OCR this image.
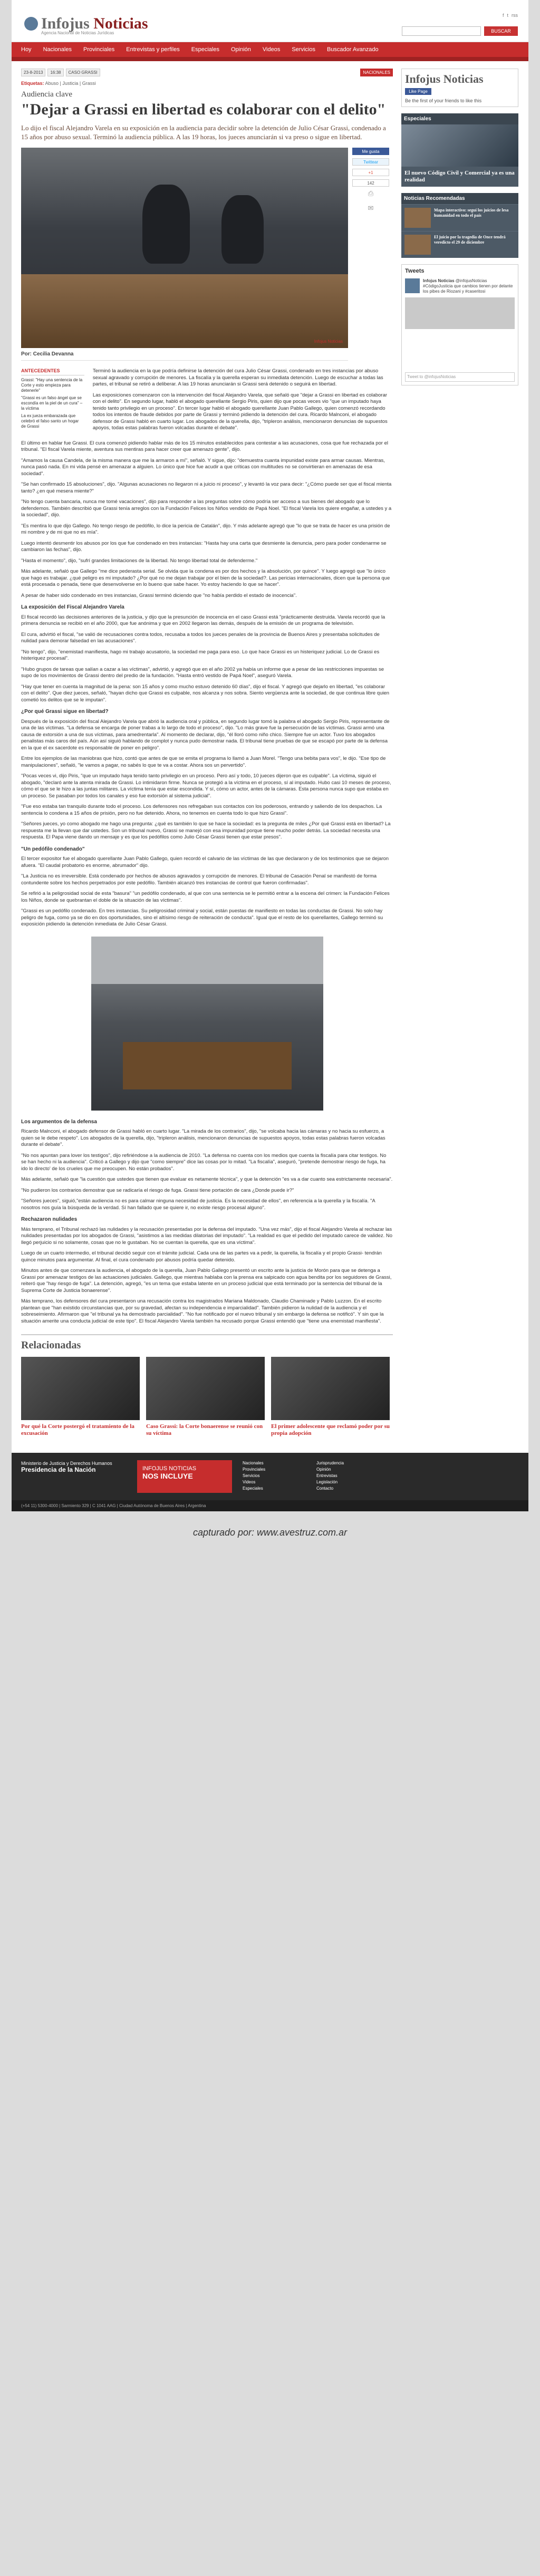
Infojus Noticias
Agencia Nacional de Noticias Jurídicas
f t rss
BUSCAR
Hoy Nacionales Provinciales Entrevistas y perfiles Especiales Opinión Videos Servicios Buscador Avanzado
23-8-2013	16:38	CASO GRASSI	NACIONALES
Etiquetas: Abuso | Justicia | Grassi
Audiencia clave
"Dejar a Grassi en libertad es colaborar con el delito"
Lo dijo el fiscal Alejandro Varela en su exposición en la audiencia para decidir sobre la detención de Julio César Grassi, condenado a 15 años por abuso sexual. Terminó la audiencia pública. A las 19 horas, los jueces anunciarán si va preso o sigue en libertad.
Infojus Noticias
Me gusta
Twittear
+1
142
⎙
✉
Por: Cecilia Devanna
ANTECEDENTES
Grassi: "Hay una sentencia de la Corte y esto empieza para detenerle"
"Grassi es un falso ángel que se escondía en la piel de un cura" – la víctima
La ex jueza embarazada que celebró el falso santo un hogar de Grassi

Terminó la audiencia en la que podría definirse la detención del cura Julio César Grassi, condenado en tres instancias por abuso sexual agravado y corrupción de menores. La fiscalía y la querella esperan su inmediata detención. Luego de escuchar a todas las partes, el tribunal se retiró a deliberar. A las 19 horas anunciarán si Grassi será detenido o seguirá en libertad.

Las exposiciones comenzaron con la intervención del fiscal Alejandro Varela, que señaló que "dejar a Grassi en libertad es colaborar con el delito". En segundo lugar, habló el abogado querellante Sergio Piris, quien dijo que pocas veces vio "que un imputado haya tenido tanto privilegio en un proceso". En tercer lugar habló el abogado querellante Juan Pablo Gallego, quien comenzó recordando todos los intentos de fraude debidos por parte de Grassi y terminó pidiendo la detención del cura. Ricardo Malnconi, el abogado defensor de Grassi habló en cuarto lugar. Los abogados de la querella, dijo, "tripleron análisis, mencionaron denuncias de supuestos apoyos, todas estas palabras fueron volcadas durante el debate".

El último en hablar fue Grassi. El cura comenzó pidiendo hablar más de los 15 minutos establecidos para contestar a las acusaciones, cosa que fue rechazada por el tribunal. "El fiscal Varela miente, aventura sus mentiras para hacer creer que amenazo gente", dijo.

"Amamos la causa Candela, de la misma manera que me la armaron a mí", señaló. Y sigue, dijo: "demuestra cuanta impunidad existe para armar causas. Mientras, nunca pasó nada. En mi vida pensé en amenazar a alguien. Lo único que hice fue acudir a que críticas con multitudes no se convirtieran en amenazas de esa sociedad".

"Se han confirmado 15 absoluciones", dijo. "Algunas acusaciones no llegaron ni a juicio ni proceso", y levantó la voz para decir: "¿Cómo puede ser que el fiscal mienta tanto? ¿en qué mesera miente?"

"No tengo cuenta bancaria, nunca me tomé vacaciones", dijo para responder a las preguntas sobre cómo podría ser acceso a sus bienes del abogado que lo defendemos. También describió que Grassi tenía arreglos con la Fundación Felices los Niños vendido de Papá Noel. "El fiscal Varela los quiere engañar, a ustedes y a la sociedad", dijo.

"Es mentira lo que dijo Gallego. No tengo riesgo de pedófilo, lo dice la pericia de Catalán", dijo. Y más adelante agregó que "lo que se trata de hacer es una prisión de mi nombre y de mi que no es mía".

Luego intentó desmentir los abusos por los que fue condenado en tres instancias: "Hasta hay una carta que desmiente la denuncia, pero para poder condenarme se cambiaron las fechas", dijo.

"Hasta el momento", dijo, "sufrí grandes limitaciones de la libertad. No tengo libertad total de defenderme."

Más adelante, señaló que Gallego "me dice pederasta serial. Se olvida que la condena es por dos hechos y la absolución, por quince". Y luego agregó que "lo único que hago es trabajar. ¿qué peligro es mi imputado? ¿Por qué no me dejan trabajar por el bien de la sociedad?. Las pericias internacionales, dicen que la persona que está procesada o penada, tiene que desenvolverse en lo bueno que sabe hacer. Yo estoy haciendo lo que se hacer".

A pesar de haber sido condenado en tres instancias, Grassi terminó diciendo que "no había perdido el estado de inocencia".

La exposición del Fiscal Alejandro Varela

El fiscal recordó las decisiones anteriores de la justicia, y dijo que la presunción de inocencia en el caso Grassi está "prácticamente destruida. Varela recordó que la primera denuncia se recibió en el año 2000, que fue anónima y que en 2002 llegaron las demás, después de la emisión de un programa de televisión.

El cura, advirtió el fiscal, "se valió de recusaciones contra todos, recusaba a todos los jueces penales de la provincia de Buenos Aires y presentaba solicitudes de nulidad para demorar falsedad en las acusaciones".

"No tengo", dijo, "enemistad manifiesta, hago mi trabajo acusatorio, la sociedad me paga para eso. Lo que hace Grassi es un histeriquez judicial. Lo de Grassi es histeriquez procesal".

"Hubo grupos de tareas que salían a cazar a las víctimas", advirtió, y agregó que en el año 2002 ya había un informe que a pesar de las restricciones impuestas se supo de los movimientos de Grassi dentro del predio de la fundación. "Hasta entró vestido de Papá Noel", aseguró Varela.

"Hay que tener en cuenta la magnitud de la pena: son 15 años y como mucho estuvo detenido 60 días", dijo el fiscal. Y agregó que dejarlo en libertad, "es colaborar con el delito". Que diez jueces, señaló, "hayan dicho que Grassi es culpable, nos alcanza y nos sobra. Siento vergüenza ante la sociedad, de que continua libre quien cometió los delitos que se le imputan".

¿Por qué Grassi sigue en libertad?

Después de la exposición del fiscal Alejandro Varela que abrió la audiencia oral y pública, en segundo lugar tomó la palabra el abogado Sergio Piris, representante de una de las víctimas. "La defensa se encarga de poner trabas a lo largo de todo el proceso", dijo. "Lo más grave fue la persecución de las víctimas. Grassi armó una causa de extorsión a una de sus víctimas, para amedrentarla". Al momento de declarar, dijo, "él lloró como niño chico. Siempre fue un actor. Tuvo los abogados penalistas más caros del país. Aún así siguió hablando de complot y nunca pudo demostrar nada. El tribunal tiene pruebas de que se escapó por parte de la defensa en la que el ex sacerdote es responsable de poner en peligro".

Entre los ejemplos de las maniobras que hizo, contó que antes de que se emita el programa lo llamó a Juan Morel. "Tengo una bebita para vos", le dijo. "Ese tipo de manipulaciones", señaló, "le vamos a pagar, no sabés lo que te va a costar. Ahora sos un pervertido".

"Pocas veces vi, dijo Piris, "que un imputado haya tenido tanto privilegio en un proceso. Pero así y todo, 10 jueces dijeron que es culpable". La víctima, siguió el abogado, "declaró ante la atenta mirada de Grassi. Lo intimidaron firme. Nunca se protegió a la víctima en el proceso, sí al imputado. Hubo casi 10 meses de proceso, cómo el que se le hizo a las juntas militares. La víctima tenía que estar escondida. Y sí, cómo un actor, antes de la cámaras. Esta persona nunca supo que estaba en un proceso. Se pasaban por todos los canales y eso fue extorsión al sistema judicial".

"Fue eso estaba tan tranquilo durante todo el proceso. Los defensores nos refregaban sus contactos con los poderosos, entrando y saliendo de los despachos. La sentencia lo condena a 15 años de prisión, pero no fue detenido. Ahora, no tenemos en cuenta todo lo que hizo Grassi".

"Señores jueces, yo como abogado me hago una pregunta: ¿qué es también lo que se hace la sociedad: es la pregunta de miles ¿Por qué Grassi está en libertad? La respuesta me la llevan que dar ustedes. Son un tribunal nuevo, Grassi se manejó con esa impunidad porque tiene mucho poder detrás. La sociedad necesita una respuesta. El Papa viene dando un mensaje y es que los pedófilos como Julio César Grassi tienen que estar presos".

"Un pedófilo condenado"

El tercer expositor fue el abogado querellante Juan Pablo Gallego, quien recordó el calvario de las víctimas de las que declararon y de los testimonios que se dejaron afuera. "El caudal probatorio es enorme, abrumador" dijo.

"La Justicia no es irreversible. Está condenado por hechos de abusos agravados y corrupción de menores. El tribunal de Casación Penal se manifestó de forma contundente sobre los hechos perpetrados por este pedófilo. También alcanzó tres instancias de control que fueron confirmadas".

Se refirió a la peligrosidad social de esta "basura" "un pedófilo condenado, al que con una sentencia se le permitió entrar a la escena del crimen: la Fundación Felices los Niños, donde se quebrantan el doble de la situación de las víctimas".

"Grassi es un pedófilo condenado. En tres instancias. Su peligrosidad criminal y social, están puestas de manifiesto en todas las conductas de Grassi. No solo hay peligro de fuga, como ya se dio en dos oportunidades, sino el altísimo riesgo de reiteración de conducta". Igual que el resto de los querellantes, Gallego terminó su exposición pidiendo la detención inmediata de Julio César Grassi.

Los argumentos de la defensa

Ricardo Malnconi, el abogado defensor de Grassi habló en cuarto lugar. "La mirada de los contrarios", dijo, "se volcaba hacia las cámaras y no hacia su esfuerzo, a quien se le debe respeto". Los abogados de la querella, dijo, "tripleron análisis, mencionaron denuncias de supuestos apoyos, todas estas palabras fueron volcadas durante el debate".

"No nos apuntan para lover los testigos", dijo refiriéndose a la audiencia de 2010. "La defensa no cuenta con los medios que cuenta la fiscalía para citar testigos. No se han hecho ni la audiencia". Criticó a Gallego y dijo que "como siempre" dice las cosas por lo mitad. "La fiscalía", aseguró, "pretende demostrar riesgo de fuga, ha ido lo directo' de los crueles que me preocupen. No están probados".

Más adelante, señaló que "la cuestión que ustedes que tienen que evaluar es netamente técnica", y que la detención "es va a dar cuanto sea estrictamente necesaria".

"No pudieron los contrarios demostrar que se radicaría el riesgo de fuga. Grassi tiene portación de cara ¿Donde puede ir?"

"Señores jueces", siguió,"están audiencia no es para calmar ninguna necesidad de justicia. Es la necesidad de ellos", en referencia a la querella y la fiscalía. "A nosotros nos guía la búsqueda de la verdad. Sí han fallado que se quiere ir, no existe riesgo procesal alguno".

Rechazaron nulidades

Más temprano, el Tribunal rechazó las nulidades y la recusación presentadas por la defensa del imputado. "Una vez más", dijo el fiscal Alejandro Varela al rechazar las nulidades presentadas por los abogados de Grassi, "asistimos a las medidas dilatorias del imputado". "La realidad es que el pedido del imputado carece de validez. No llegó perjuicio si no solamente, cosas que no le gustaban. No se cuentan la querella, que es una víctima".

Luego de un cuarto intermedio, el tribunal decidió seguir con el trámite judicial. Cada una de las partes va a pedir, la querella, la fiscalía y el propio Grassi- tendrán quince minutos para argumentar. Al final, el cura condenado por abusos podría quedar detenido.

Minutos antes de que comenzara la audiencia, el abogado de la querella, Juan Pablo Gallego presentó un escrito ante la justicia de Morón para que se detenga a Grassi por amenazar testigos de las actuaciones judiciales. Gallego, que mientras hablaba con la prensa era salpicado con agua bendita por los seguidores de Grassi, reiteró que "hay riesgo de fuga". La detención, agregó, "es un tema que estaba latente en un proceso judicial que está terminado por la sentencia del tribunal de la Suprema Corte de Justicia bonaerense".

Más temprano, los defensores del cura presentaron una recusación contra los magistrados Mariana Maldonado, Claudio Chaminade y Pablo Luzzon. En el escrito plantean que "han existido circunstancias que, por su gravedad, afectan su independencia e imparcialidad". También pidieron la nulidad de la audiencia y el sobreseimiento. Afirmaron que "el tribunal ya ha demostrado parcialidad". "No fue notificado por el nuevo tribunal y sin embargo la defensa se notificó". Y sin que la situación amerite una conducta judicial de este tipo". El fiscal Alejandro Varela también ha recusado porque Grassi entendió que "tiene una enemistad manifiesta".

Relacionadas

Por qué la Corte postergó el tratamiento de la excusación

Caso Grassi: la Corte bonaerense se reunió con su víctima

El primer adolescente que reclamó poder por su propia adopción

Infojus Noticias
Like Page
Be the first of your friends to like this
Especiales
El nuevo Código Civil y Comercial ya es una realidad
Noticias Recomendadas
Mapa interactivo: seguí los juicios de lesa humanidad en todo el país
El juicio por la tragedia de Once tendrá veredicto el 29 de diciembre
Tweets
Infojus Noticias @infojusNoticias
#CódigoJusticia que cambios tienen por delante los pibes de Riozani y #caseritosi
Tweet to @infojusNoticias
Ministerio de Justicia y Derechos Humanos
Presidencia de la Nación	INFOJUS NOTICIAS
NOS INCLUYE
Nacionales
Provinciales
Servicios
Videos
Especiales
Jurisprudencia
Opinión
Entrevistas
Legislación
Contacto
(+54 11) 5300-4000 | Sarmiento 329 | C 1041 AAG | Ciudad Autónoma de Buenos Aires | Argentina
capturado por: www.avestruz.com.ar
